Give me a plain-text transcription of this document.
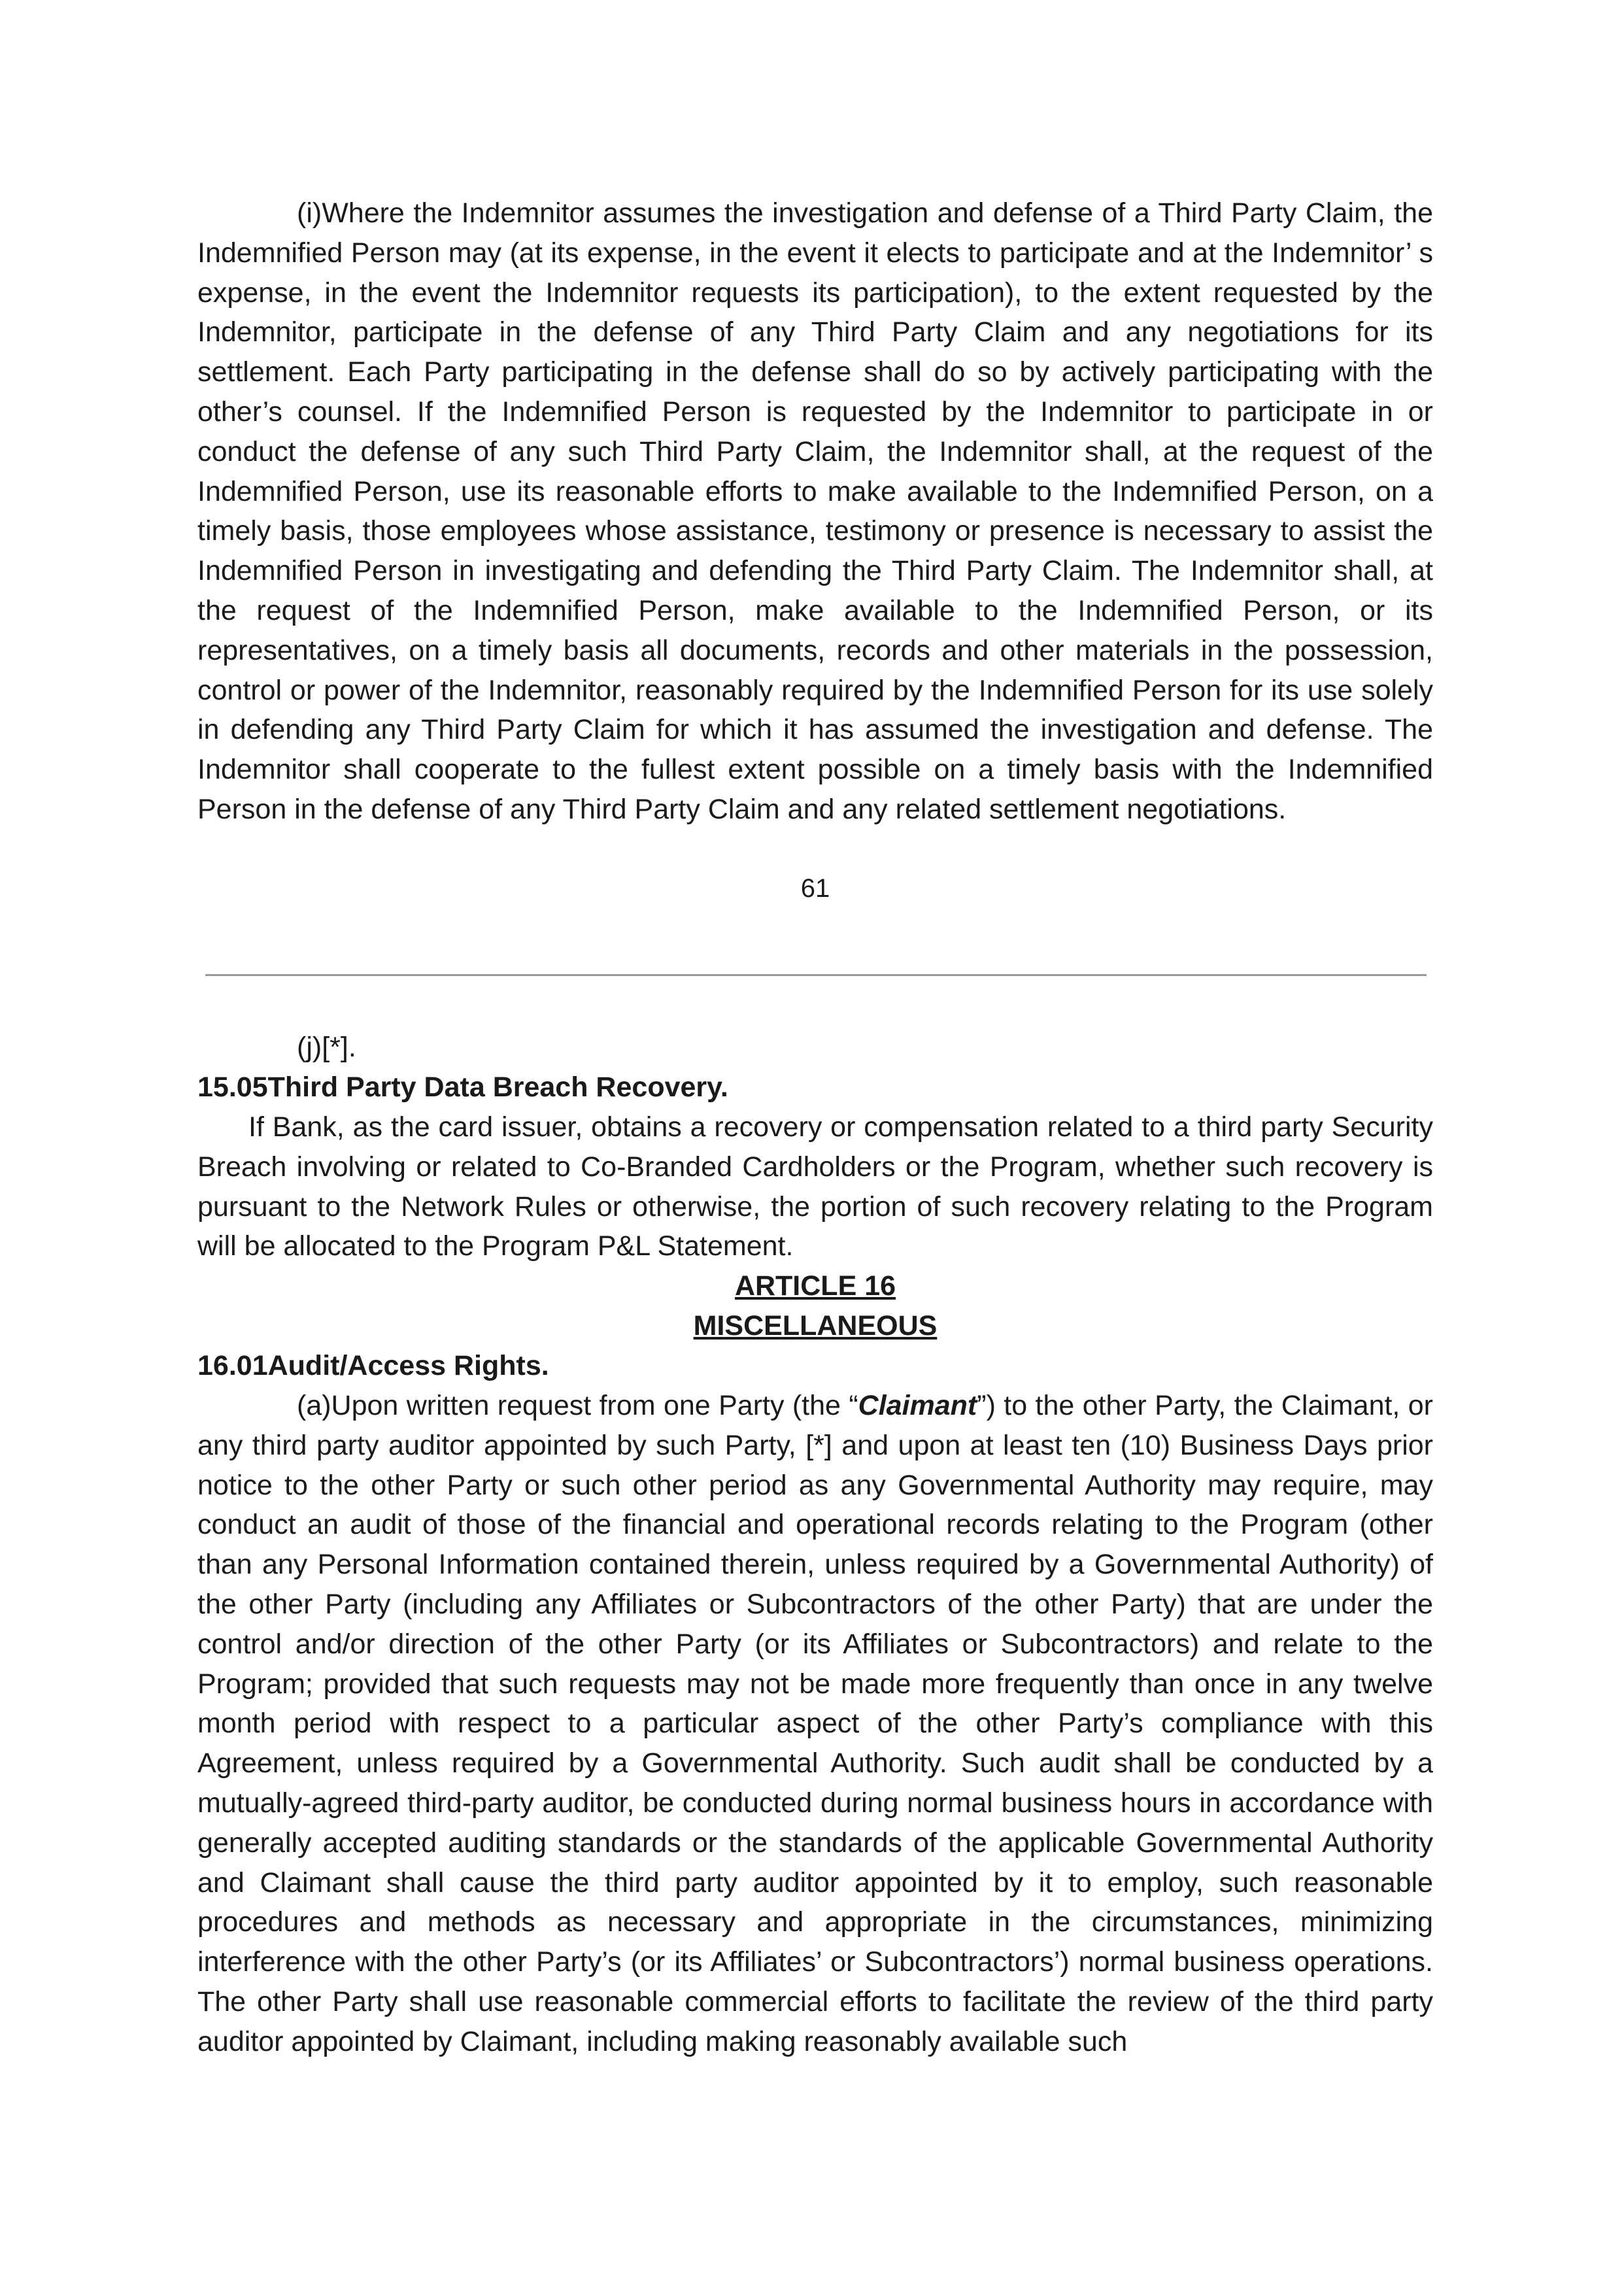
(i)Where the Indemnitor assumes the investigation and defense of a Third Party Claim, the Indemnified Person may (at its expense, in the event it elects to participate and at the Indemnitor’ s expense, in the event the Indemnitor requests its participation), to the extent requested by the Indemnitor, participate in the defense of any Third Party Claim and any negotiations for its settlement. Each Party participating in the defense shall do so by actively participating with the other’s counsel. If the Indemnified Person is requested by the Indemnitor to participate in or conduct the defense of any such Third Party Claim, the Indemnitor shall, at the request of the Indemnified Person, use its reasonable efforts to make available to the Indemnified Person, on a timely basis, those employees whose assistance, testimony or presence is necessary to assist the Indemnified Person in investigating and defending the Third Party Claim. The Indemnitor shall, at the request of the Indemnified Person, make available to the Indemnified Person, or its representatives, on a timely basis all documents, records and other materials in the possession, control or power of the Indemnitor, reasonably required by the Indemnified Person for its use solely in defending any Third Party Claim for which it has assumed the investigation and defense. The Indemnitor shall cooperate to the fullest extent possible on a timely basis with the Indemnified Person in the defense of any Third Party Claim and any related settlement negotiations.

61

(j)[*].

15.05Third Party Data Breach Recovery.

If Bank, as the card issuer, obtains a recovery or compensation related to a third party Security Breach involving or related to Co-Branded Cardholders or the Program, whether such recovery is pursuant to the Network Rules or otherwise, the portion of such recovery relating to the Program will be allocated to the Program P&L Statement.

ARTICLE 16

MISCELLANEOUS

16.01Audit/Access Rights.

(a)Upon written request from one Party (the “Claimant”) to the other Party, the Claimant, or any third party auditor appointed by such Party, [*] and upon at least ten (10) Business Days prior notice to the other Party or such other period as any Governmental Authority may require, may conduct an audit of those of the financial and operational records relating to the Program (other than any Personal Information contained therein, unless required by a Governmental Authority) of the other Party (including any Affiliates or Subcontractors of the other Party) that are under the control and/or direction of the other Party (or its Affiliates or Subcontractors) and relate to the Program; provided that such requests may not be made more frequently than once in any twelve month period with respect to a particular aspect of the other Party’s compliance with this Agreement, unless required by a Governmental Authority. Such audit shall be conducted by a mutually-agreed third-party auditor, be conducted during normal business hours in accordance with generally accepted auditing standards or the standards of the applicable Governmental Authority and Claimant shall cause the third party auditor appointed by it to employ, such reasonable procedures and methods as necessary and appropriate in the circumstances, minimizing interference with the other Party’s (or its Affiliates’ or Subcontractors’) normal business operations. The other Party shall use reasonable commercial efforts to facilitate the review of the third party auditor appointed by Claimant, including making reasonably available such
